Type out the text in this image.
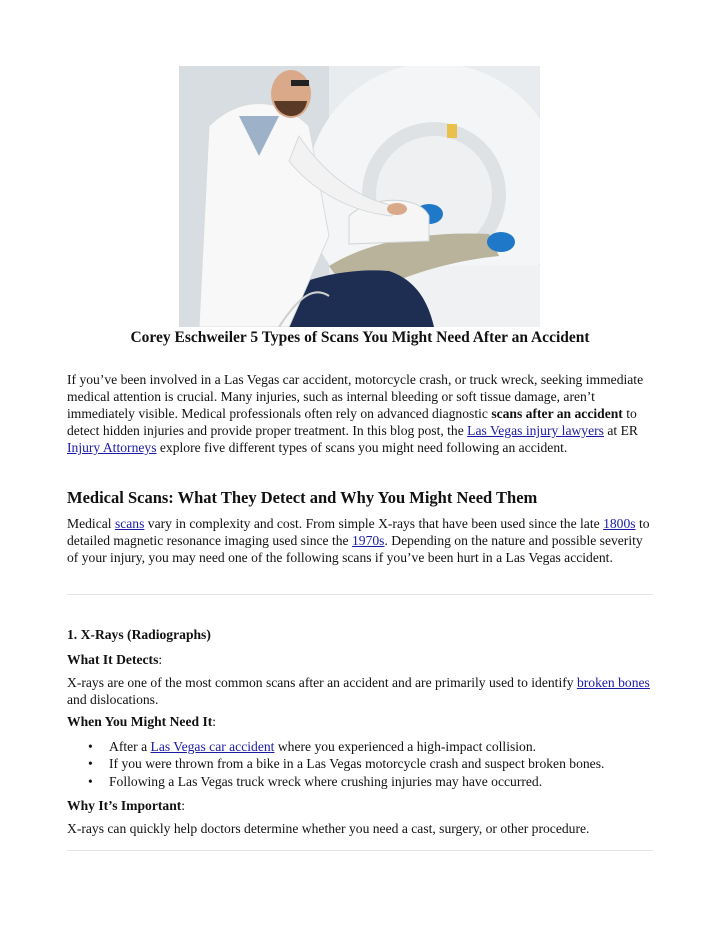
Corey Eschweiler 5 Types of Scans You Might Need After an Accident

If you’ve been involved in a Las Vegas car accident, motorcycle crash, or truck wreck, seeking immediate medical attention is crucial. Many injuries, such as internal bleeding or soft tissue damage, aren’t immediately visible. Medical professionals often rely on advanced diagnostic scans after an accident to detect hidden injuries and provide proper treatment. In this blog post, the Las Vegas injury lawyers at ER Injury Attorneys explore five different types of scans you might need following an accident.

Medical Scans: What They Detect and Why You Might Need Them

Medical scans vary in complexity and cost. From simple X-rays that have been used since the late 1800s to detailed magnetic resonance imaging used since the 1970s. Depending on the nature and possible severity of your injury, you may need one of the following scans if you’ve been hurt in a Las Vegas accident.

1. X-Rays (Radiographs)
What It Detects:

X-rays are one of the most common scans after an accident and are primarily used to identify broken bones and dislocations.

When You Might Need It:
• After a Las Vegas car accident where you experienced a high-impact collision.
• If you were thrown from a bike in a Las Vegas motorcycle crash and suspect broken bones.
• Following a Las Vegas truck wreck where crushing injuries may have occurred.
Why It’s Important:
X-rays can quickly help doctors determine whether you need a cast, surgery, or other procedure.
